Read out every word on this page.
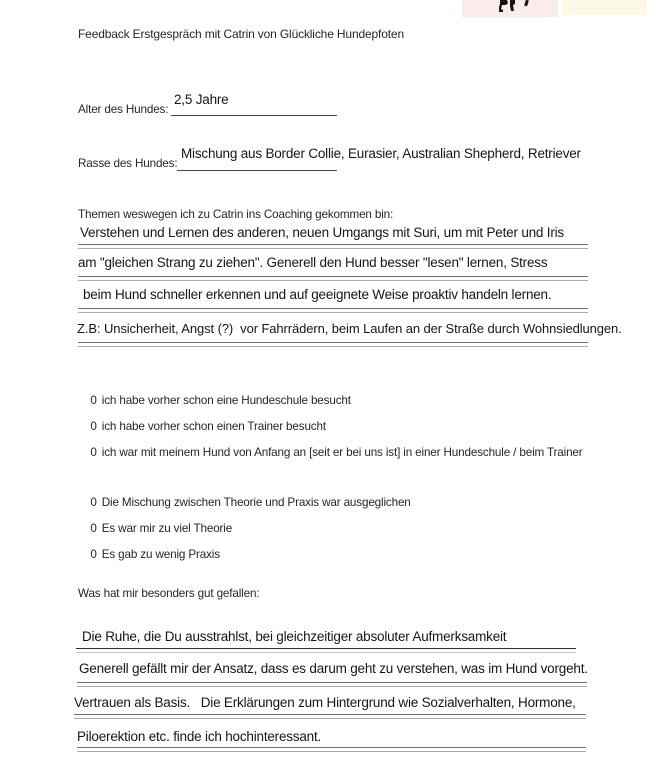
Feedback Erstgespräch mit Catrin von Glückliche Hundepfoten
Alter des Hundes:
2,5 Jahre
Rasse des Hundes:
Mischung aus Border Collie, Eurasier, Australian Shepherd, Retriever
Themen weswegen ich zu Catrin ins Coaching gekommen bin:
Verstehen und Lernen des anderen, neuen Umgangs mit Suri, um mit Peter und Iris
am "gleichen Strang zu ziehen". Generell den Hund besser "lesen" lernen, Stress
beim Hund schneller erkennen und auf geeignete Weise proaktiv handeln lernen.
Z.B: Unsicherheit, Angst (?)  vor Fahrrädern, beim Laufen an der Straße durch Wohnsiedlungen.

0 ich habe vorher schon eine Hundeschule besucht

0 ich habe vorher schon einen Trainer besucht

0 ich war mit meinem Hund von Anfang an [seit er bei uns ist] in einer Hundeschule / beim Trainer

0 Die Mischung zwischen Theorie und Praxis war ausgeglichen

0 Es war mir zu viel Theorie

0 Es gab zu wenig Praxis

Was hat mir besonders gut gefallen:
Die Ruhe, die Du ausstrahlst, bei gleichzeitiger absoluter Aufmerksamkeit
Generell gefällt mir der Ansatz, dass es darum geht zu verstehen, was im Hund vorgeht.
Vertrauen als Basis.   Die Erklärungen zum Hintergrund wie Sozialverhalten, Hormone,
Piloerektion etc. finde ich hochinteressant.
